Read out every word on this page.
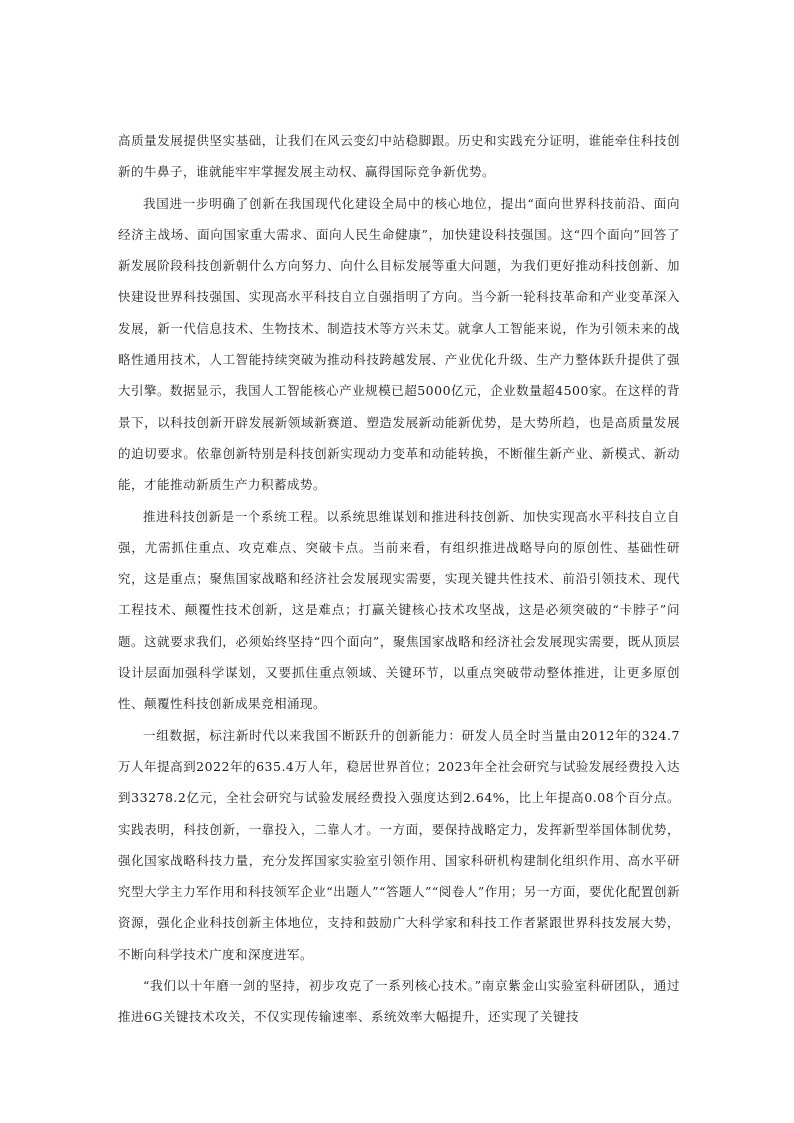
高质量发展提供坚实基础，让我们在风云变幻中站稳脚跟。历史和实践充分证明，谁能牵住科技创新的牛鼻子，谁就能牢牢掌握发展主动权、赢得国际竞争新优势。

我国进一步明确了创新在我国现代化建设全局中的核心地位，提出“面向世界科技前沿、面向经济主战场、面向国家重大需求、面向人民生命健康”，加快建设科技强国。这“四个面向”回答了新发展阶段科技创新朝什么方向努力、向什么目标发展等重大问题，为我们更好推动科技创新、加快建设世界科技强国、实现高水平科技自立自强指明了方向。当今新一轮科技革命和产业变革深入发展，新一代信息技术、生物技术、制造技术等方兴未艾。就拿人工智能来说，作为引领未来的战略性通用技术，人工智能持续突破为推动科技跨越发展、产业优化升级、生产力整体跃升提供了强大引擎。数据显示，我国人工智能核心产业规模已超5000亿元，企业数量超4500家。在这样的背景下，以科技创新开辟发展新领域新赛道、塑造发展新动能新优势，是大势所趋，也是高质量发展的迫切要求。依靠创新特别是科技创新实现动力变革和动能转换，不断催生新产业、新模式、新动能，才能推动新质生产力积蓄成势。

推进科技创新是一个系统工程。以系统思维谋划和推进科技创新、加快实现高水平科技自立自强，尤需抓住重点、攻克难点、突破卡点。当前来看，有组织推进战略导向的原创性、基础性研究，这是重点；聚焦国家战略和经济社会发展现实需要，实现关键共性技术、前沿引领技术、现代工程技术、颠覆性技术创新，这是难点；打赢关键核心技术攻坚战，这是必须突破的“卡脖子”问题。这就要求我们，必须始终坚持“四个面向”，聚焦国家战略和经济社会发展现实需要，既从顶层设计层面加强科学谋划，又要抓住重点领域、关键环节，以重点突破带动整体推进，让更多原创性、颠覆性科技创新成果竞相涌现。

一组数据，标注新时代以来我国不断跃升的创新能力：研发人员全时当量由2012年的324.7万人年提高到2022年的635.4万人年，稳居世界首位；2023年全社会研究与试验发展经费投入达到33278.2亿元，全社会研究与试验发展经费投入强度达到2.64%，比上年提高0.08个百分点。实践表明，科技创新，一靠投入，二靠人才。一方面，要保持战略定力，发挥新型举国体制优势，强化国家战略科技力量，充分发挥国家实验室引领作用、国家科研机构建制化组织作用、高水平研究型大学主力军作用和科技领军企业“出题人”“答题人”“阅卷人”作用；另一方面，要优化配置创新资源，强化企业科技创新主体地位，支持和鼓励广大科学家和科技工作者紧跟世界科技发展大势，不断向科学技术广度和深度进军。

“我们以十年磨一剑的坚持，初步攻克了一系列核心技术。”南京紫金山实验室科研团队，通过推进6G关键技术攻关，不仅实现传输速率、系统效率大幅提升，还实现了关键技
